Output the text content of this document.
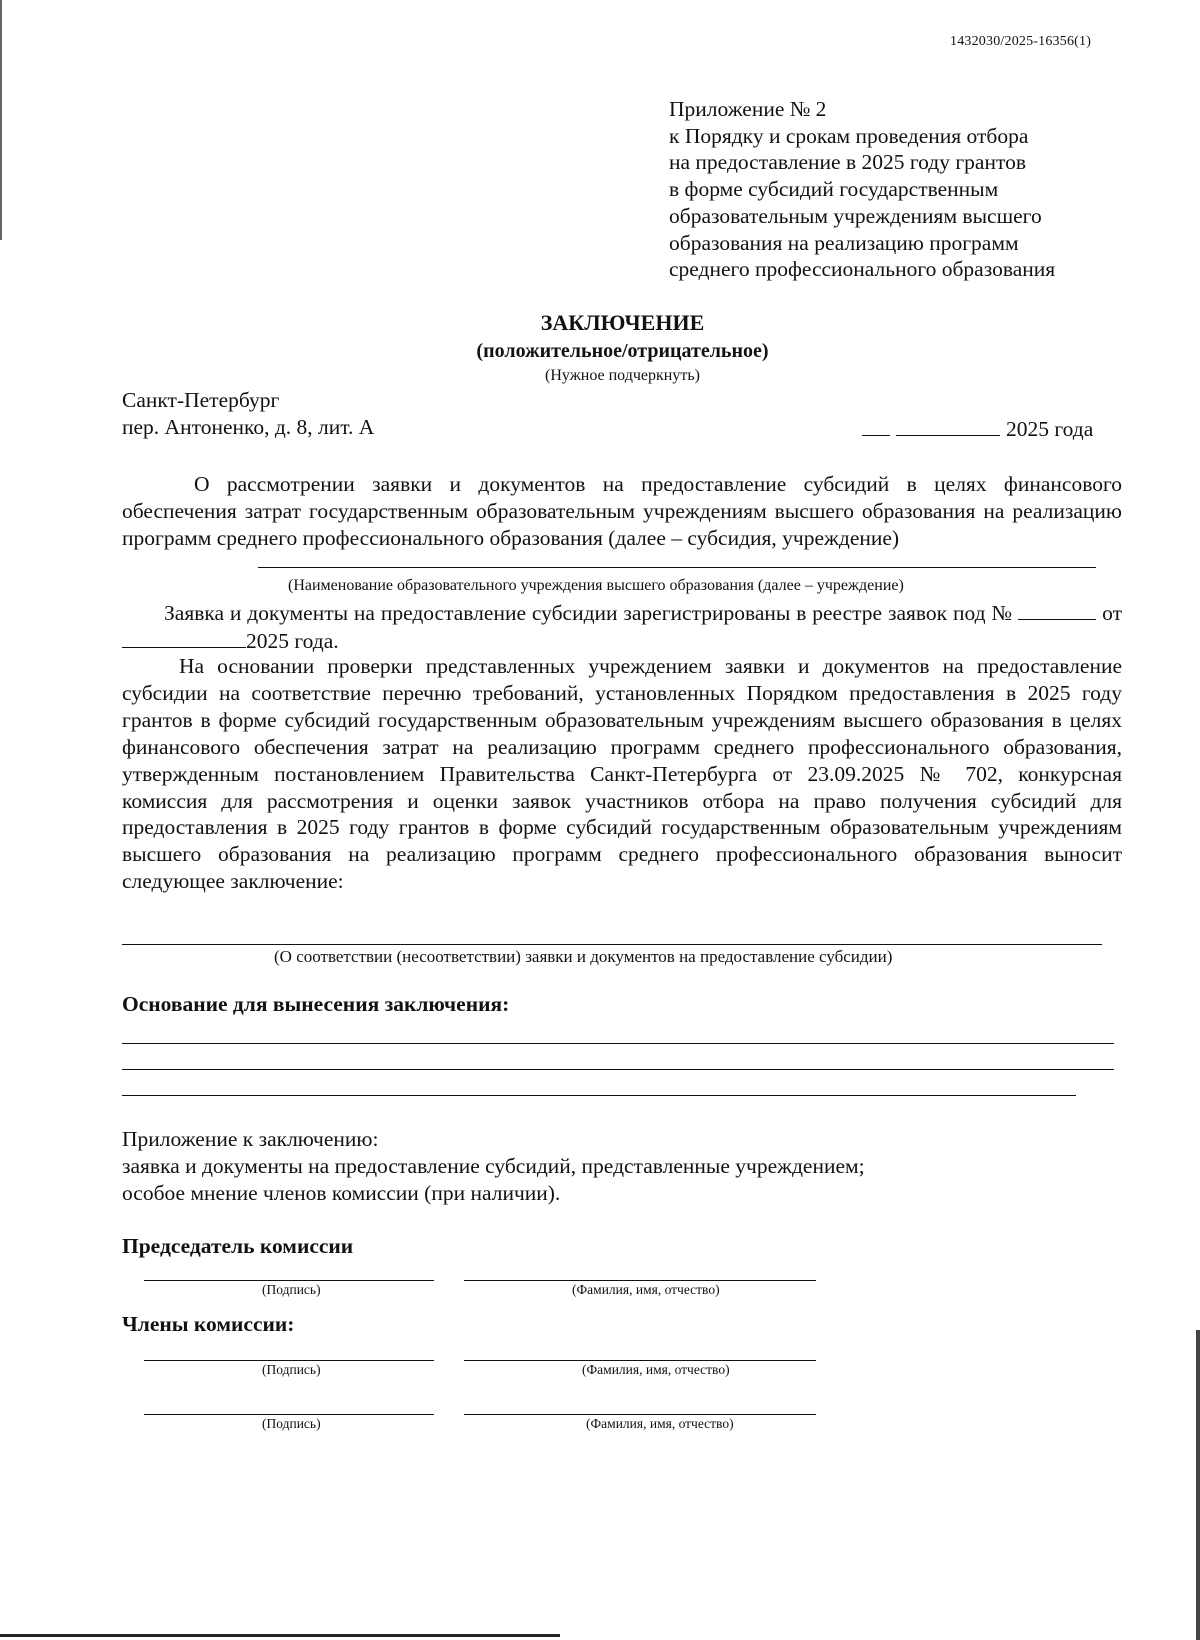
1432030/2025-16356(1)
Приложение № 2
к Порядку и срокам проведения отбора
на предоставление в 2025 году грантов
в форме субсидий государственным
образовательным учреждениям высшего
образования на реализацию программ
среднего профессионального образования
ЗАКЛЮЧЕНИЕ
(положительное/отрицательное)
(Нужное подчеркнуть)
Санкт-Петербург
пер. Антоненко, д. 8, лит. А	2025 года
О рассмотрении заявки и документов на предоставление субсидий в целях финансового обеспечения затрат государственным образовательным учреждениям высшего образования на реализацию программ среднего профессионального образования (далее – субсидия, учреждение)
(Наименование образовательного учреждения высшего образования (далее – учреждение)
Заявка и документы на предоставление субсидии зарегистрированы в реестре заявок под №	от 2025 года.
На основании проверки представленных учреждением заявки и документов на предоставление субсидии на соответствие перечню требований, установленных Порядком предоставления в 2025 году грантов в форме субсидий государственным образовательным учреждениям высшего образования в целях финансового обеспечения затрат на реализацию программ среднего профессионального образования, утвержденным постановлением Правительства Санкт-Петербурга от 23.09.2025 № 702, конкурсная комиссия для рассмотрения и оценки заявок участников отбора на право получения субсидий для предоставления в 2025 году грантов в форме субсидий государственным образовательным учреждениям высшего образования на реализацию программ среднего профессионального образования выносит следующее заключение:
(О соответствии (несоответствии) заявки и документов на предоставление субсидии)
Основание для вынесения заключения:
Приложение к заключению:
заявка и документы на предоставление субсидий, представленные учреждением;
особое мнение членов комиссии (при наличии).
Председатель комиссии
(Подпись)	(Фамилия, имя, отчество)
Члены комиссии:
(Подпись)	(Фамилия, имя, отчество)
(Подпись)	(Фамилия, имя, отчество)
